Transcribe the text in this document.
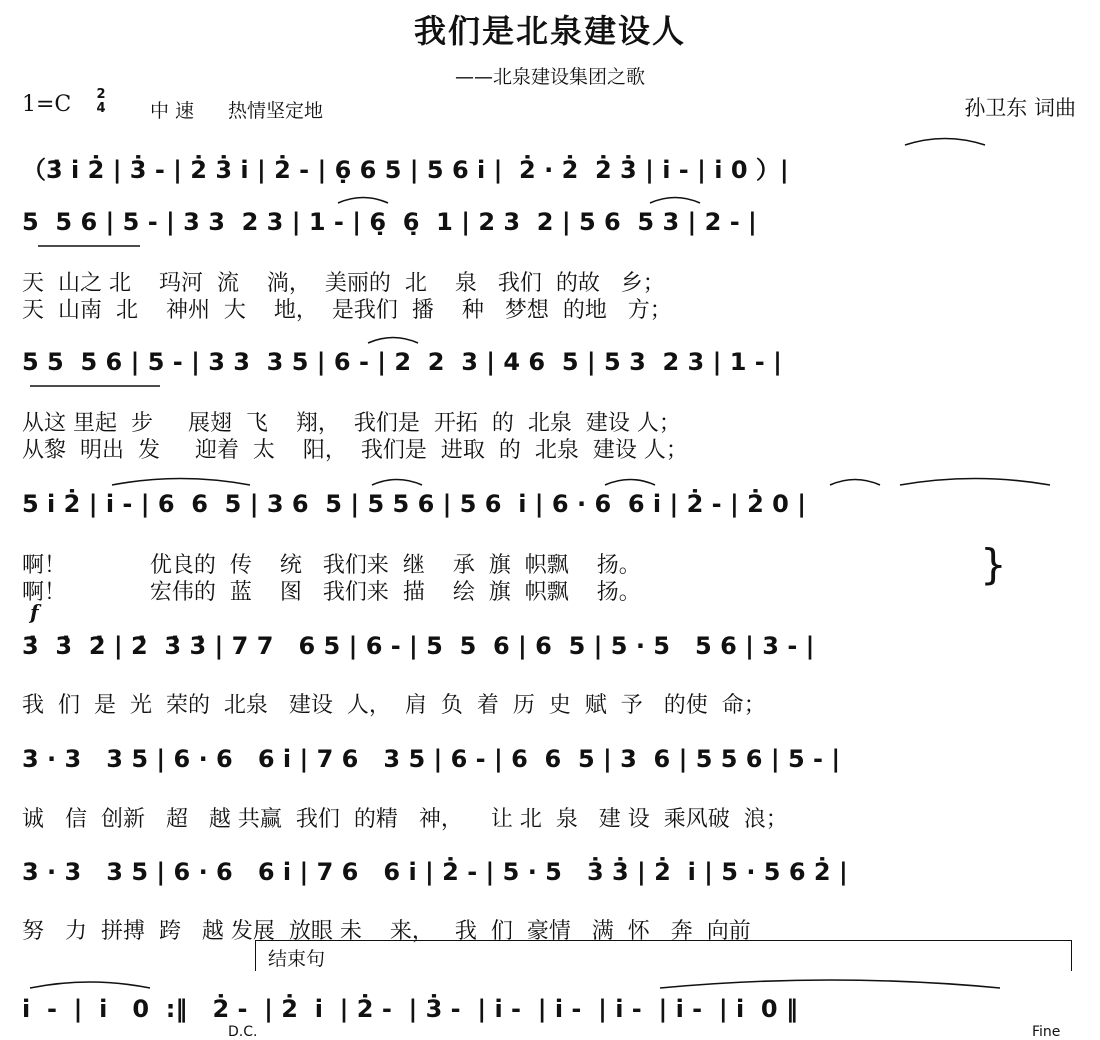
我们是北泉建设人
——北泉建设集团之歌
1=C	2
4 中 速 热情坚定地	孙卫东 词曲
（3̇ i̇ 2̇ | 3̇ - | 2̇ 3̇ i̇ | 2̇ - | 6̣ 6 5 | 5 6 i̇ |  2̇ · 2̇  2̇ 3̇ | i̇ - | i̇ 0 ）|
5  5 6 | 5 - | 3 3  2 3 | 1 - | 6̣  6̣  1 | 2 3  2 | 5 6  5 3 | 2 - |
天  山之 北    玛河  流    淌，  美丽的  北    泉   我们  的故   乡；
天  山南  北    神州  大    地，  是我们  播    种   梦想  的地   方；
5 5  5 6 | 5 - | 3 3  3 5 | 6 - | 2  2  3 | 4 6  5 | 5 3  2 3 | 1 - |
从这 里起  步     展翅  飞    翔，  我们是  开拓  的  北泉  建设 人；
从黎  明出  发     迎着  太    阳，  我们是  进取  的  北泉  建设 人；
5 i̇ 2̇ | i̇ - | 6  6  5 | 3 6  5 | 5 5 6 | 5 6  i̇ | 6 · 6  6 i̇ | 2̇ - | 2̇ 0 |
啊！            优良的  传    统   我们来  继    承  旗  帜飘    扬。
啊！            宏伟的  蓝    图   我们来  描    绘  旗  帜飘    扬。
}
f
3̇  3̇  2̇ | 2̇  3̇ 3̇ | 7 7   6 5 | 6 - | 5  5  6 | 6  5 | 5 · 5   5 6 | 3 - |
我  们  是  光  荣的  北泉   建设  人，  肩  负  着  历  史  赋  予   的使  命；
3 · 3   3 5 | 6 · 6   6 i̇ | 7 6   3 5 | 6 - | 6  6  5 | 3  6 | 5 5 6 | 5 - |
诚   信  创新   超   越 共赢  我们  的精   神，    让 北  泉   建 设  乘风破  浪；
3 · 3   3 5 | 6 · 6   6 i̇ | 7 6   6 i̇ | 2̇ - | 5 · 5   3̇ 3̇ | 2̇  i̇ | 5 · 5 6 2̇ |
努   力  拼搏  跨   越 发展  放眼 未    来，   我  们  豪情   满  怀   奔  向前
结束句
i̇  -  |  i̇   0  :‖   2̇ -  | 2̇  i̇  | 2̇ -  | 3̇ -  | i̇ -  | i̇ -  | i̇ -  | i̇ -  | i̇  0 ‖
D.C.	Fine
